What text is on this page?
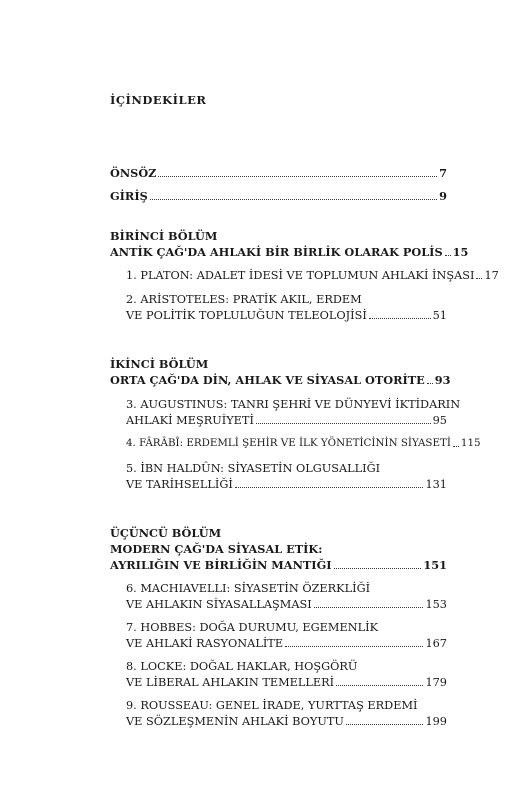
İÇİNDEKİLER
ÖNSÖZ	7
GİRİŞ	9
BİRİNCİ BÖLÜM
ANTİK ÇAĞ'DA AHLAKİ BİR BİRLİK OLARAK POLİS 15
1. PLATON: ADALET İDESİ VE TOPLUMUN AHLAKİ İNŞASI 17
2. ARİSTOTELES: PRATİK AKIL, ERDEM
VE POLİTİK TOPLULUĞUN TELEOLOJİSİ	51
İKİNCİ BÖLÜM
ORTA ÇAĞ'DA DİN, AHLAK VE SİYASAL OTORİTE 93
3. AUGUSTINUS: TANRI ŞEHRİ VE DÜNYEVİ İKTİDARIN
AHLAKİ MEŞRUİYETİ	95
4. FÂRÂBÎ: ERDEMLİ ŞEHİR VE İLK YÖNETİCİNİN SİYASETİ 115
5. İBN HALDÛN: SİYASETİN OLGUSALLIĞI
VE TARİHSELLİĞİ	131
ÜÇÜNCÜ BÖLÜM
MODERN ÇAĞ'DA SİYASAL ETİK:
AYRILIĞIN VE BİRLİĞİN MANTIĞI	151
6. MACHIAVELLI: SİYASETİN ÖZERKLİĞİ
VE AHLAKIN SİYASALLAŞMASI	153
7. HOBBES: DOĞA DURUMU, EGEMENLİK
VE AHLAKİ RASYONALİTE	167
8. LOCKE: DOĞAL HAKLAR, HOŞGÖRÜ
VE LİBERAL AHLAKIN TEMELLERİ	179
9. ROUSSEAU: GENEL İRADE, YURTTAŞ ERDEMİ
VE SÖZLEŞMENİN AHLAKİ BOYUTU	199
